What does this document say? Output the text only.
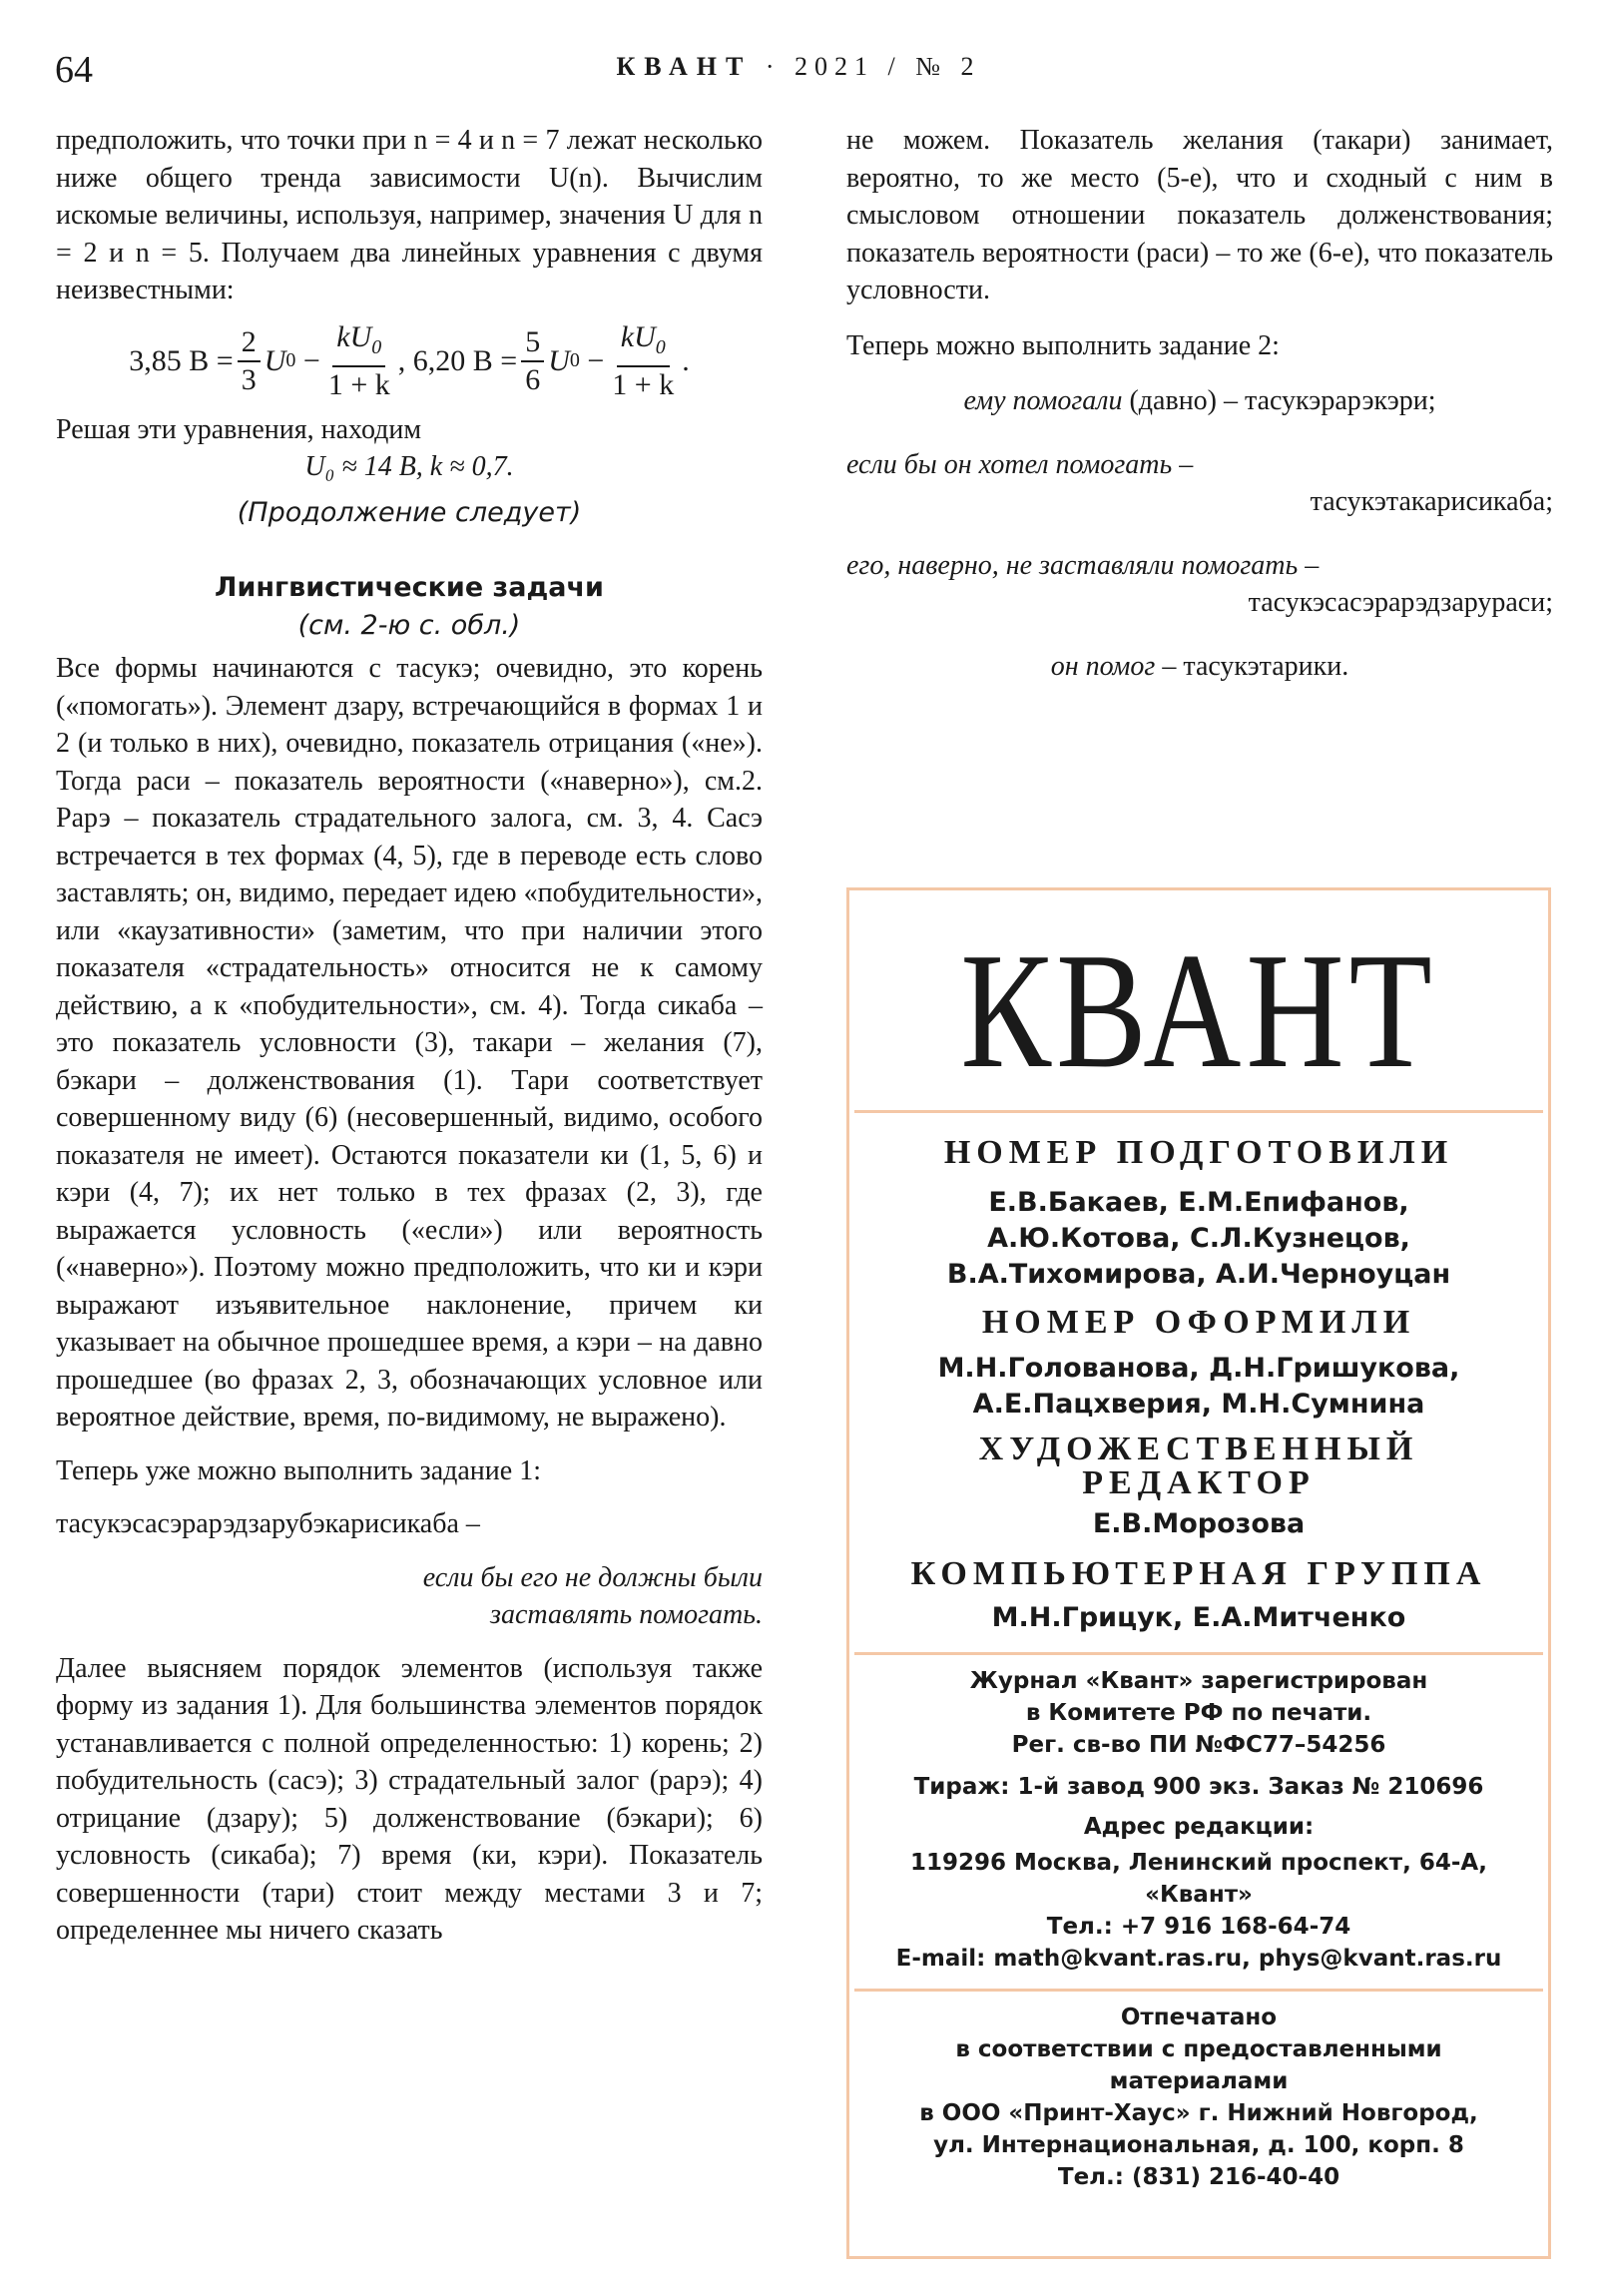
64	КВАНТ · 2021 / № 2

предположить, что точки при n = 4 и n = 7 лежат несколько ниже общего тренда зависимости U(n). Вычислим искомые величины, используя, например, значения U для n = 2 и n = 5. Получаем два линейных уравнения с двумя неизвестными:

3,85 $В = \frac{2}{3}$ U $0 - \frac{kU_0}{1 + k}$ , 6,20 $В = \frac{5}{6}$ U $0 - \frac{kU_0}{1 + k}$ .

Решая эти уравнения, находим

U₀ ≈ 14 В, k ≈ 0,7.

(Продолжение следует)

Лингвистические задачи

(см. 2-ю с. обл.)

Все формы начинаются с тасукэ; очевидно, это корень («помогать»). Элемент дзару, встречающийся в формах 1 и 2 (и только в них), очевидно, показатель отрицания («не»). Тогда раси – показатель вероятности («наверно»), см.2. Рарэ – показатель страдательного залога, см. 3, 4. Сасэ встречается в тех формах (4, 5), где в переводе есть слово заставлять; он, видимо, передает идею «побудительности», или «каузативности» (заметим, что при наличии этого показателя «страдательность» относится не к самому действию, а к «побудительности», см. 4). Тогда сикаба – это показатель условности (3), такари – желания (7), бэкари – долженствования (1). Тари соответствует совершенному виду (6) (несовершенный, видимо, особого показателя не имеет). Остаются показатели ки (1, 5, 6) и кэри (4, 7); их нет только в тех фразах (2, 3), где выражается условность («если») или вероятность («наверно»). Поэтому можно предположить, что ки и кэри выражают изъявительное наклонение, причем ки указывает на обычное прошедшее время, а кэри – на давно прошедшее (во фразах 2, 3, обозначающих условное или вероятное действие, время, по-видимому, не выражено).

Теперь уже можно выполнить задание 1:

тасукэсасэрарэдзарубэкарисикаба –

если бы его не должны были

заставлять помогать.

Далее выясняем порядок элементов (используя также форму из задания 1). Для большинства элементов порядок устанавливается с полной определенностью: 1) корень; 2) побудительность (сасэ); 3) страдательный залог (рарэ); 4) отрицание (дзару); 5) долженствование (бэкари); 6) условность (сикаба); 7) время (ки, кэри). Показатель совершенности (тари) стоит между местами 3 и 7; определеннее мы ничего сказать

не можем. Показатель желания (такари) занимает, вероятно, то же место (5-е), что и сходный с ним в смысловом отношении показатель долженствования; показатель вероятности (раси) – то же (6-е), что показатель условности.

Теперь можно выполнить задание 2:

ему помогали (давно) – тасукэрарэкэри;

если бы он хотел помогать –

тасукэтакарисикаба;

его, наверно, не заставляли помогать –

тасукэсасэрарэдзарураси;

он помог – тасукэтарики.

КВАНТ
НОМЕР ПОДГОТОВИЛИ
Е.В.Бакаев, Е.М.Епифанов,
А.Ю.Котова, С.Л.Кузнецов,
В.А.Тихомирова, А.И.Черноуцан
НОМЕР ОФОРМИЛИ
М.Н.Голованова, Д.Н.Гришукова,
А.Е.Пацхверия, М.Н.Сумнина
ХУДОЖЕСТВЕННЫЙ
РЕДАКТОР
Е.В.Морозова
КОМПЬЮТЕРНАЯ ГРУППА
М.Н.Грицук, Е.А.Митченко
Журнал «Квант» зарегистрирован
в Комитете РФ по печати.
Рег. св-во ПИ №ФС77–54256
Тираж: 1-й завод 900 экз. Заказ № 210696
Адрес редакции:
119296 Москва, Ленинский проспект, 64-А,
«Квант»
Тел.: +7 916 168-64-74
E-mail: math@kvant.ras.ru, phys@kvant.ras.ru
Отпечатано
в соответствии с предоставленными
материалами
в ООО «Принт-Хаус» г. Нижний Новгород,
ул. Интернациональная, д. 100, корп. 8
Тел.: (831) 216-40-40
